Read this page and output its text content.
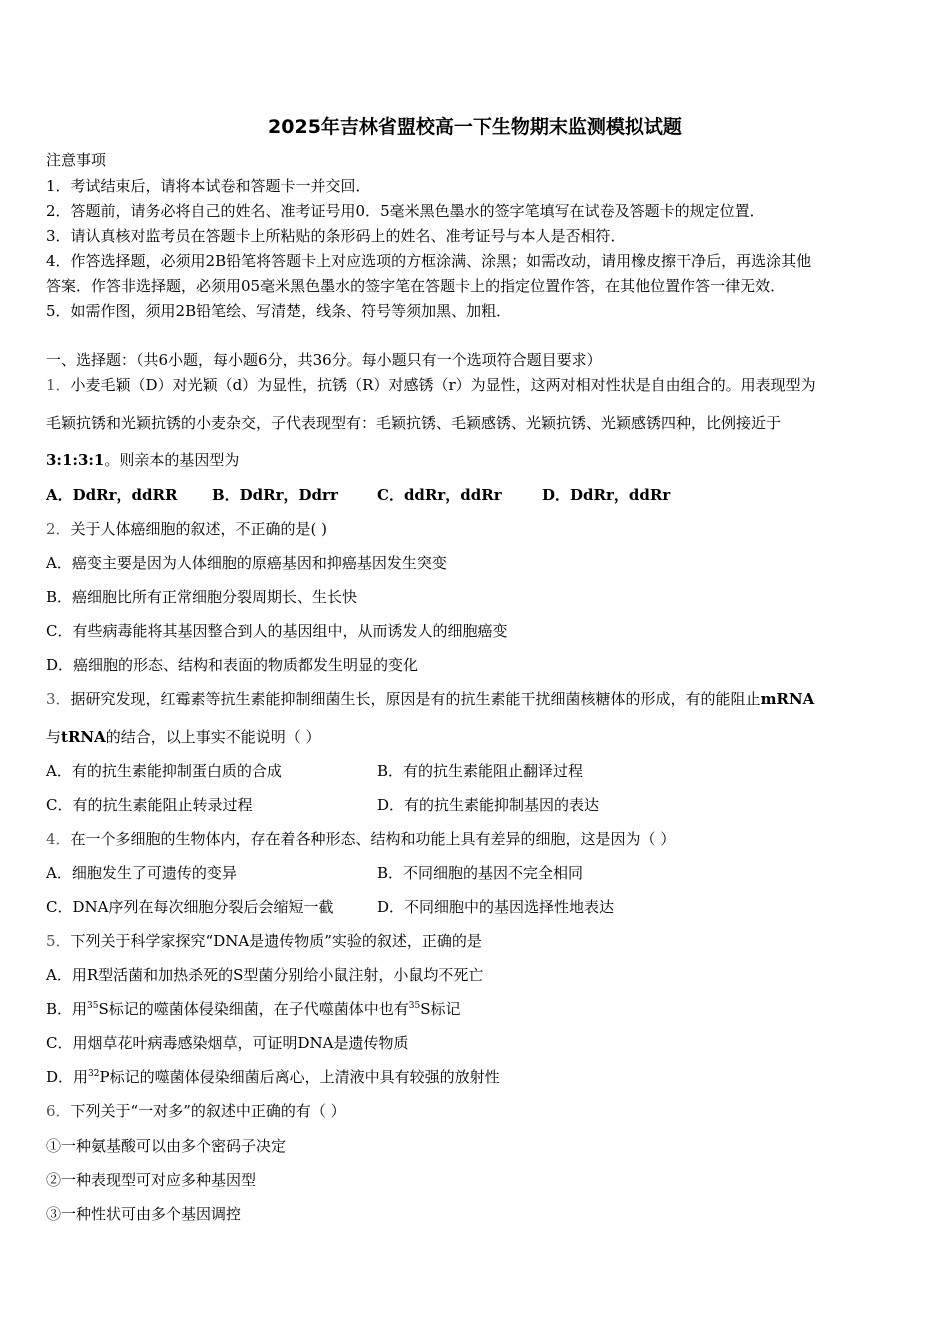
2025年吉林省盟校高一下生物期末监测模拟试题
注意事项
1．考试结束后，请将本试卷和答题卡一并交回．
2．答题前，请务必将自己的姓名、准考证号用0．5毫米黑色墨水的签字笔填写在试卷及答题卡的规定位置．
3．请认真核对监考员在答题卡上所粘贴的条形码上的姓名、准考证号与本人是否相符．
4．作答选择题，必须用2B铅笔将答题卡上对应选项的方框涂满、涂黑；如需改动，请用橡皮擦干净后，再选涂其他
答案．作答非选择题，必须用05毫米黑色墨水的签字笔在答题卡上的指定位置作答，在其他位置作答一律无效．
5．如需作图，须用2B铅笔绘、写清楚，线条、符号等须加黑、加粗．
一、选择题：（共6小题，每小题6分，共36分。每小题只有一个选项符合题目要求）
1．小麦毛颖（D）对光颖（d）为显性，抗锈（R）对感锈（r）为显性，这两对相对性状是自由组合的。用表现型为
毛颖抗锈和光颖抗锈的小麦杂交，子代表现型有：毛颖抗锈、毛颖感锈、光颖抗锈、光颖感锈四种，比例接近于
3:1:3:1。则亲本的基因型为
A．DdRr，ddRR B．DdRr，Ddrr	C．ddRr，ddRr	D．DdRr，ddRr
2．关于人体癌细胞的叙述，不正确的是( )
A．癌变主要是因为人体细胞的原癌基因和抑癌基因发生突变
B．癌细胞比所有正常细胞分裂周期长、生长快
C．有些病毒能将其基因整合到人的基因组中，从而诱发人的细胞癌变
D．癌细胞的形态、结构和表面的物质都发生明显的变化
3．据研究发现，红霉素等抗生素能抑制细菌生长，原因是有的抗生素能干扰细菌核糖体的形成，有的能阻止mRNA
与tRNA的结合，以上事实不能说明（ ）
A．有的抗生素能抑制蛋白质的合成	B．有的抗生素能阻止翻译过程
C．有的抗生素能阻止转录过程	D．有的抗生素能抑制基因的表达
4．在一个多细胞的生物体内，存在着各种形态、结构和功能上具有差异的细胞，这是因为（ ）
A．细胞发生了可遗传的变异	B．不同细胞的基因不完全相同
C．DNA序列在每次细胞分裂后会缩短一截	D．不同细胞中的基因选择性地表达
5．下列关于科学家探究“DNA是遗传物质”实验的叙述，正确的是
A．用R型活菌和加热杀死的S型菌分别给小鼠注射，小鼠均不死亡
B．用$^{35}$S标记的噬菌体侵染细菌，在子代噬菌体中也有$^{35}$S标记
C．用烟草花叶病毒感染烟草，可证明DNA是遗传物质
D．用$^{32}$P标记的噬菌体侵染细菌后离心，上清液中具有较强的放射性
6．下列关于“一对多”的叙述中正确的有（ ）
①一种氨基酸可以由多个密码子决定
②一种表现型可对应多种基因型
③一种性状可由多个基因调控
